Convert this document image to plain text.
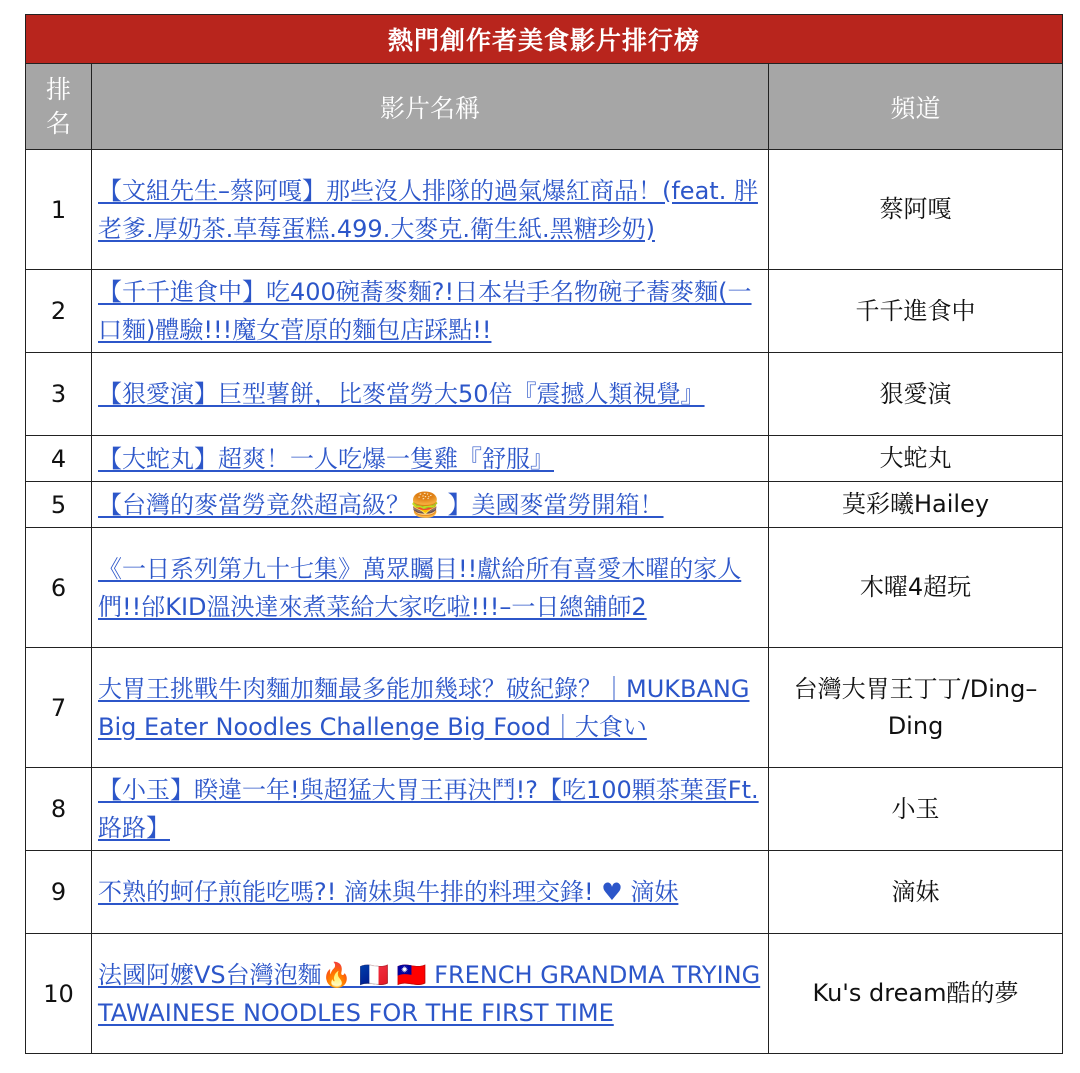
熱門創作者美食影片排行榜		
排
名	影片名稱	頻道
1	【文組先生–蔡阿嘎】那些沒人排隊的過氣爆紅商品！(feat. 胖老爹.厚奶茶.草莓蛋糕.499.大麥克.衛生紙.黑糖珍奶)	蔡阿嘎
2	【千千進食中】吃400碗蕎麥麵?!日本岩手名物碗子蕎麥麵(一口麵)體驗!!!魔女菅原的麵包店踩點!!	千千進食中
3	【狠愛演】巨型薯餅，比麥當勞大50倍『震撼人類視覺』	狠愛演
4	【大蛇丸】超爽！一人吃爆一隻雞『舒服』	大蛇丸
5	【台灣的麥當勞竟然超高級？🍔 】美國麥當勞開箱！	莫彩曦Hailey
6	《一日系列第九十七集》萬眾矚目!!獻給所有喜愛木曜的家人們!!邰KID溫泱達來煮菜給大家吃啦!!!–一日總舖師2	木曜4超玩
7	大胃王挑戰牛肉麵加麵最多能加幾球？破紀錄？｜MUKBANG Big Eater Noodles Challenge Big Food｜大食い	台灣大胃王丁丁/Ding–Ding
8	【小玉】睽違一年!與超猛大胃王再決鬥!?【吃100顆茶葉蛋Ft.路路】	小玉
9	不熟的蚵仔煎能吃嗎?! 滴妹與牛排的料理交鋒! ♥ 滴妹	滴妹
10	法國阿嬤VS台灣泡麵🔥 🇫🇷 🇹🇼 FRENCH GRANDMA TRYING TAWAINESE NOODLES FOR THE FIRST TIME	Ku's dream酷的夢
